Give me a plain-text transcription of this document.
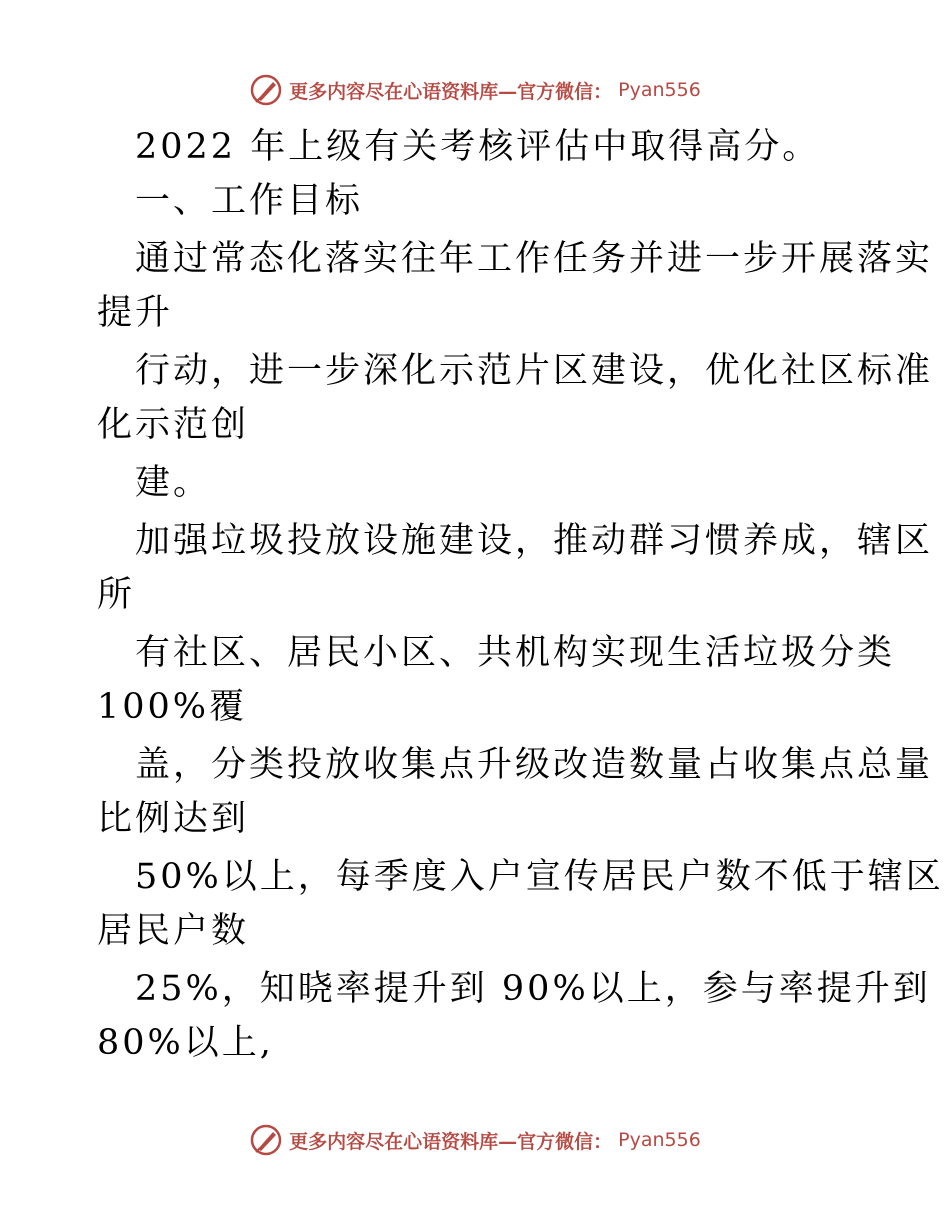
更多内容尽在心语资料库—官方微信： Pyan556
2022 年上级有关考核评估中取得高分。
一、工作目标
通过常态化落实往年工作任务并进一步开展落实
提升
行动，进一步深化示范片区建设，优化社区标准
化示范创
建。
加强垃圾投放设施建设，推动群习惯养成，辖区
所
有社区、居民小区、共机构实现生活垃圾分类
100%覆
盖，分类投放收集点升级改造数量占收集点总量
比例达到
50%以上，每季度入户宣传居民户数不低于辖区
居民户数
25%，知晓率提升到 90%以上，参与率提升到
80%以上,
更多内容尽在心语资料库—官方微信： Pyan556
